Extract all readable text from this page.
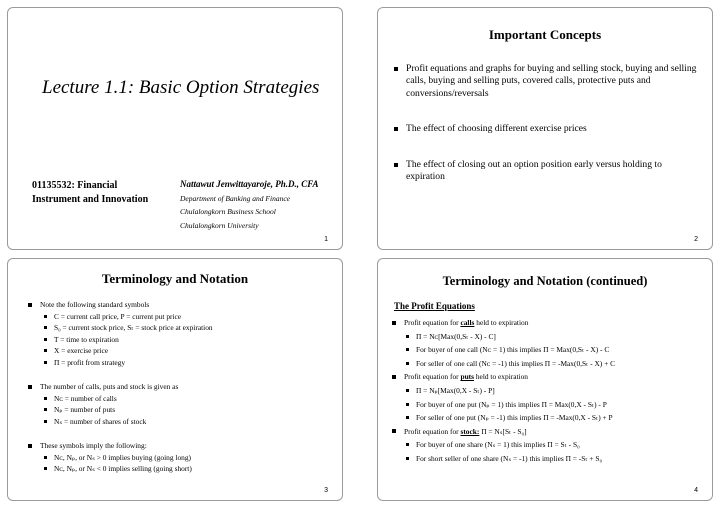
Lecture 1.1: Basic Option Strategies
01135532: Financial
Instrument and Innovation
Nattawut Jenwittayaroje, Ph.D., CFA
Department of Banking and Finance
Chulalongkorn Business School
Chulalongkorn University
1
Important Concepts
Profit equations and graphs for buying and selling stock, buying and selling calls, buying and selling puts, covered calls, protective puts and conversions/reversals
The effect of choosing different exercise prices
The effect of closing out an option position early versus holding to expiration
2
Terminology and Notation
Note the following standard symbols
C = current call price, P = current put price
S₀ = current stock price, Sₜ = stock price at expiration
T = time to expiration
X = exercise price
Π = profit from strategy
The number of calls, puts and stock is given as
Nᴄ = number of calls
Nₚ = number of puts
Nₛ = number of shares of stock
These symbols imply the following:
Nᴄ, Nₚ, or Nₛ > 0 implies buying (going long)
Nᴄ, Nₚ, or Nₛ < 0 implies selling (going short)
3
Terminology and Notation (continued)
The Profit Equations
Profit equation for calls held to expiration
Π = Nᴄ[Max(0,Sₜ - X) - C]
For buyer of one call (Nᴄ = 1) this implies Π = Max(0,Sₜ - X) - C
For seller of one call (Nᴄ = -1) this implies Π = -Max(0,Sₜ - X) + C
Profit equation for puts held to expiration
Π = Nₚ[Max(0,X - Sₜ) - P]
For buyer of one put (Nₚ = 1) this implies Π = Max(0,X - Sₜ) - P
For seller of one put (Nₚ = -1) this implies Π = -Max(0,X - Sₜ) + P
Profit equation for stock: Π = Nₛ[Sₜ - S₀]
For buyer of one share (Nₛ = 1) this implies Π = Sₜ - S₀
For short seller of one share (Nₛ = -1) this implies Π = -Sₜ + S₀
4
